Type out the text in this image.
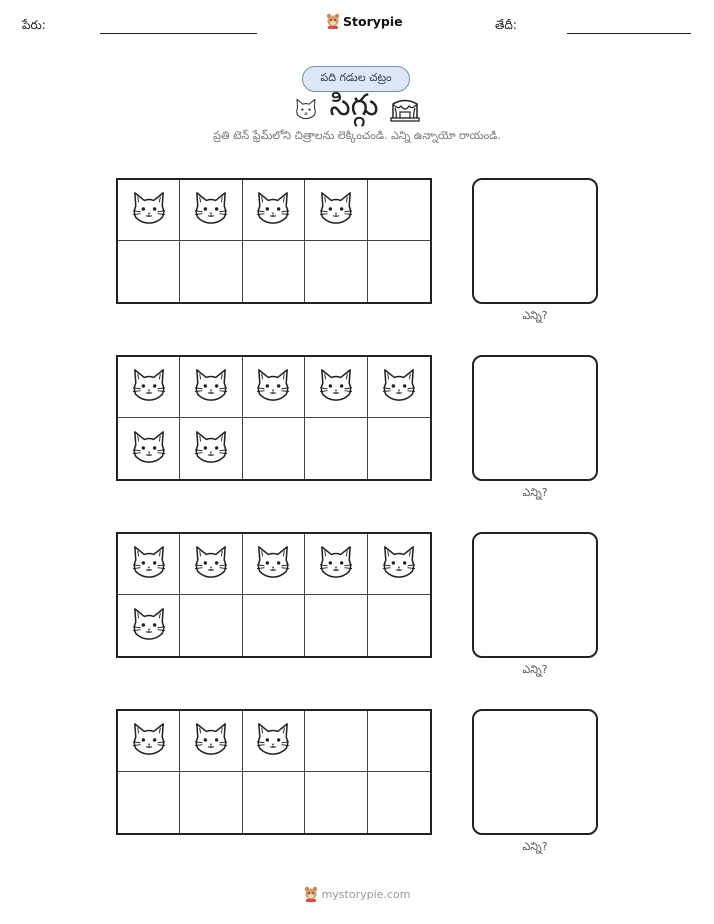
పేరు:	Storypie	తేదీ:
పది గడుల చట్రం
సిగ్గు
ప్రతి టెన్ ఫ్రేమ్‌లోని చిత్రాలను లెక్కించండి. ఎన్ని ఉన్నాయో రాయండి.
ఎన్ని?
ఎన్ని?
ఎన్ని?
ఎన్ని?
mystorypie.com
